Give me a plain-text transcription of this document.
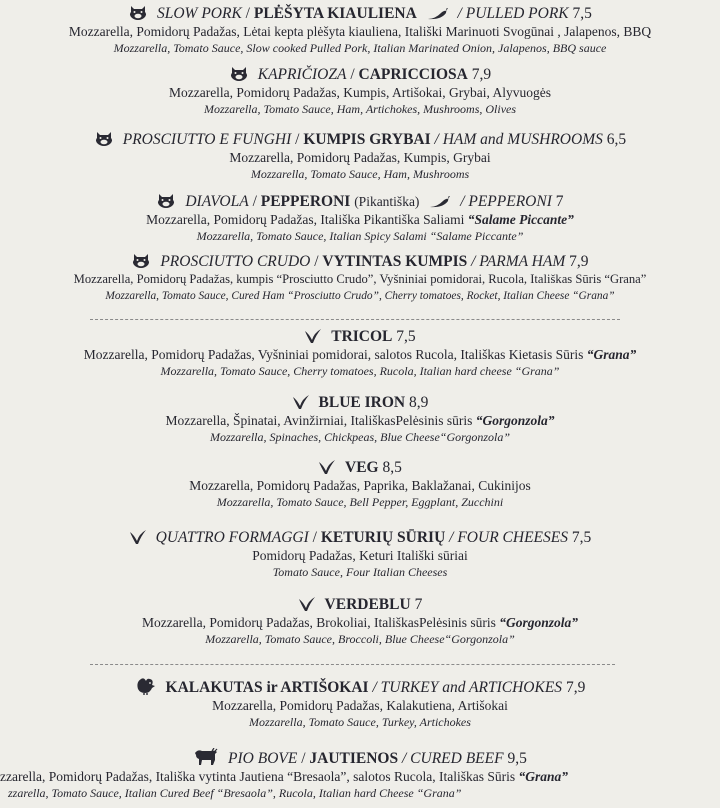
SLOW PORK / PLĖŠYTA KIAULIENA	/ PULLED PORK 7,5
Mozzarella, Pomidorų Padažas, Lėtai kepta plėšyta kiauliena, Itališki Marinuoti Svogūnai , Jalapenos, BBQ
Mozzarella, Tomato Sauce, Slow cooked Pulled Pork, Italian Marinated Onion, Jalapenos, BBQ sauce
KAPRIČIOZA / CAPRICCIOSA 7,9
Mozzarella, Pomidorų Padažas, Kumpis, Artišokai, Grybai, Alyvuogės
Mozzarella, Tomato Sauce, Ham, Artichokes, Mushrooms, Olives
PROSCIUTTO E FUNGHI / KUMPIS GRYBAI / HAM and MUSHROOMS 6,5
Mozzarella, Pomidorų Padažas, Kumpis, Grybai
Mozzarella, Tomato Sauce, Ham, Mushrooms
DIAVOLA / PEPPERONI (Pikantiška)	/ PEPPERONI 7
Mozzarella, Pomidorų Padažas, Itališka Pikantiška Saliami “Salame Piccante”
Mozzarella, Tomato Sauce, Italian Spicy Salami “Salame Piccante”
PROSCIUTTO CRUDO / VYTINTAS KUMPIS / PARMA HAM 7,9
Mozzarella, Pomidorų Padažas, kumpis “Prosciutto Crudo”, Vyšniniai pomidorai, Rucola, Itališkas Sūris “Grana”
Mozzarella, Tomato Sauce, Cured Ham “Prosciutto Crudo”, Cherry tomatoes, Rocket, Italian Cheese “Grana”
TRICOL 7,5
Mozzarella, Pomidorų Padažas, Vyšniniai pomidorai, salotos Rucola, Itališkas Kietasis Sūris “Grana”
Mozzarella, Tomato Sauce, Cherry tomatoes, Rucola, Italian hard cheese “Grana”
BLUE IRON 8,9
Mozzarella, Špinatai, Avinžirniai, ItališkasPelėsinis sūris “Gorgonzola”
Mozzarella, Spinaches, Chickpeas, Blue Cheese“Gorgonzola”
VEG 8,5
Mozzarella, Pomidorų Padažas, Paprika, Baklažanai, Cukinijos
Mozzarella, Tomato Sauce, Bell Pepper, Eggplant, Zucchini
QUATTRO FORMAGGI / KETURIŲ SŪRIŲ / FOUR CHEESES 7,5
Pomidorų Padažas, Keturi Itališki sūriai
Tomato Sauce, Four Italian Cheeses
VERDEBLU 7
Mozzarella, Pomidorų Padažas, Brokoliai, ItališkasPelėsinis sūris “Gorgonzola”
Mozzarella, Tomato Sauce, Broccoli, Blue Cheese“Gorgonzola”
KALAKUTAS ir ARTIŠOKAI / TURKEY and ARTICHOKES 7,9
Mozzarella, Pomidorų Padažas, Kalakutiena, Artišokai
Mozzarella, Tomato Sauce, Turkey, Artichokes
PIO BOVE / JAUTIENOS / CURED BEEF 9,5
zzarella, Pomidorų Padažas, Itališka vytinta Jautiena “Bresaola”, salotos Rucola, Itališkas Sūris “Grana”
zzarella, Tomato Sauce, Italian Cured Beef “Bresaola”, Rucola, Italian hard Cheese “Grana”
